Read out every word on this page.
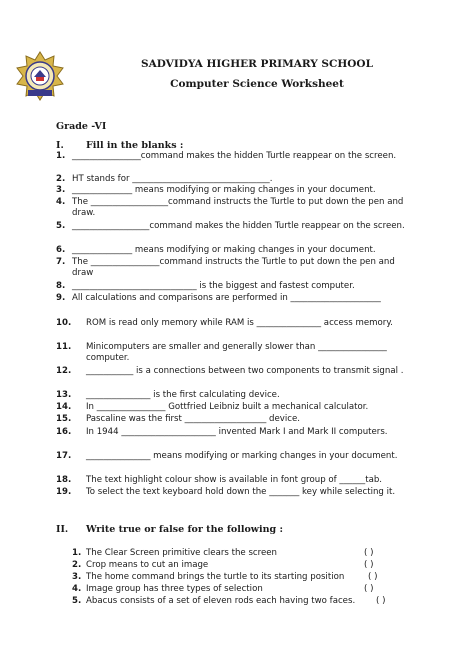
SADVIDYA HIGHER PRIMARY SCHOOL
Computer Science Worksheet
Grade -VI
I. Fill in the blanks :
1. ________________command makes the hidden Turtle reappear on the screen.
2. HT stands for ________________________________.
3. ______________ means modifying or making changes in your document.
4. The __________________command instructs the Turtle to put down the pen and draw.
5. __________________command makes the hidden Turtle reappear on the screen.
6. ______________ means modifying or making changes in your document.
7. The ________________command instructs the Turtle to put down the pen and draw
8. _____________________________ is the biggest and fastest computer.
9. All calculations and comparisons are performed in _____________________
10.	ROM is read only memory while RAM is _______________ access memory.
11.	Minicomputers are smaller and generally slower than ________________ computer.
12.	___________ is a connections between two components to transmit signal .
13.	_______________ is the first calculating device.
14.	In ________________ Gottfried Leibniz built a mechanical calculator.
15.	Pascaline was the first ___________________ device.
16.	In 1944 ______________________ invented Mark I and Mark II computers.
17.	_______________ means modifying or marking changes in your document.
18.	The text highlight colour show is available in font group of ______tab.
19.	To select the text keyboard hold down the _______ key while selecting it.
II. Write true or false for the following :
1. The Clear Screen primitive clears the screen	( )
2. Crop means to cut an image	( )
3. The home command brings the turtle to its starting position	( )
4. Image group has three types of selection	( )
5. Abacus consists of a set of eleven rods each having two faces. ( )
